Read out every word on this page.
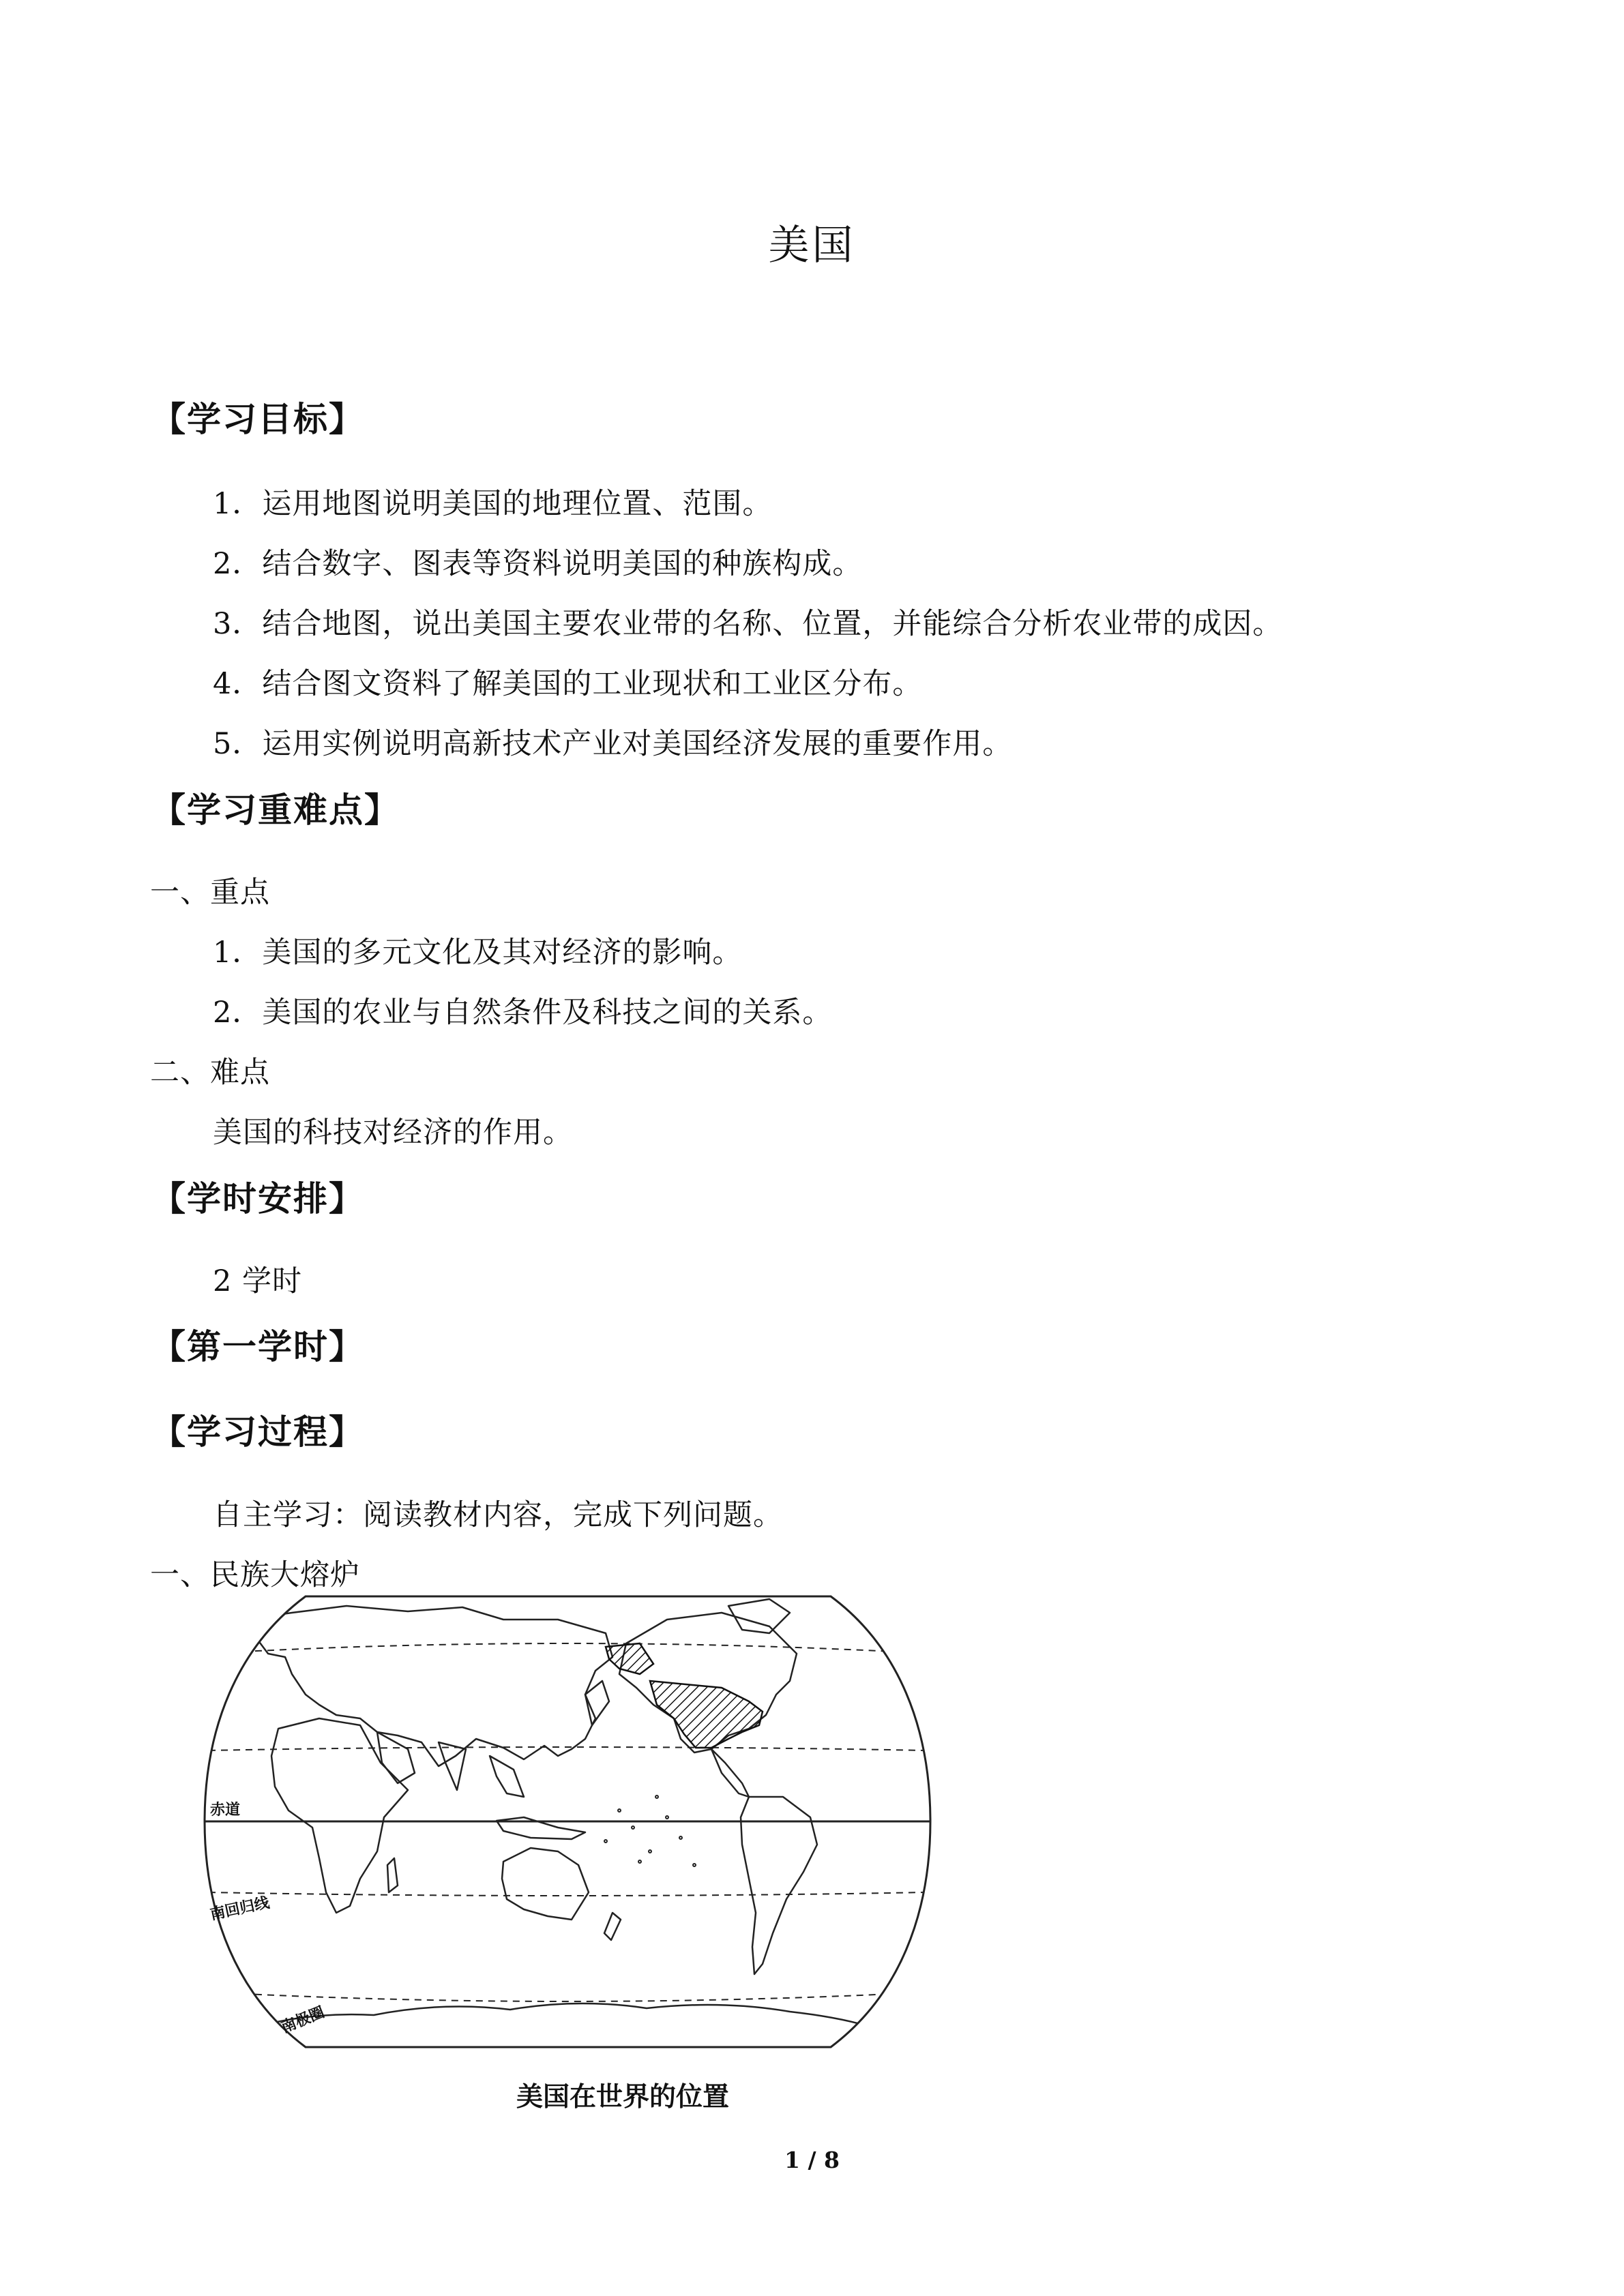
美国
【学习目标】
1．运用地图说明美国的地理位置、范围。
2．结合数字、图表等资料说明美国的种族构成。
3．结合地图，说出美国主要农业带的名称、位置，并能综合分析农业带的成因。
4．结合图文资料了解美国的工业现状和工业区分布。
5．运用实例说明高新技术产业对美国经济发展的重要作用。
【学习重难点】
一、重点
1．美国的多元文化及其对经济的影响。
2．美国的农业与自然条件及科技之间的关系。
二、难点
美国的科技对经济的作用。
【学时安排】
2 学时
【第一学时】
【学习过程】
自主学习：阅读教材内容，完成下列问题。
一、民族大熔炉
赤道
南回归线
南极圈
美国在世界的位置
1 / 8
